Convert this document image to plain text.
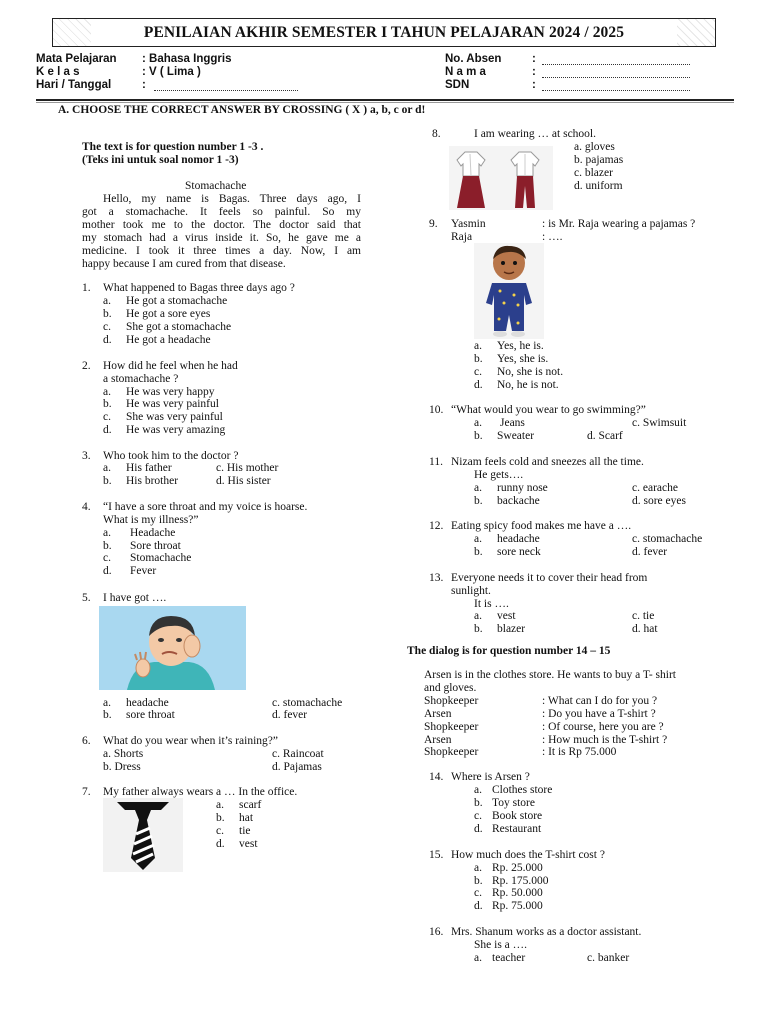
PENILAIAN AKHIR SEMESTER I TAHUN PELAJARAN 2024 / 2025
Mata Pelajaran : Bahasa Inggris
K e l a s	: V ( Lima )
Hari / Tanggal	:
No. Absen	:
N a m a	:
SDN	:
A. CHOOSE THE CORRECT ANSWER BY CROSSING ( X ) a, b, c or d!
The text is for question number 1 -3 .
(Teks ini untuk soal nomor 1 -3)
Stomachache
Hello, my name is Bagas. Three days ago, I
got a stomachache. It feels so painful. So my
mother took me to the doctor. The doctor said that
my stomach had a virus inside it. So, he gave me a
medicine. I took it three times a day. Now, I am
happy because I am cured from that disease.
1. What happened to Bagas three days ago ?
a. He got a stomachache
b. He got a sore eyes
c. She got a stomachache
d. He got a headache
2. How did he feel when he had
a stomachache ?
a. He was very happy
b. He was very painful
c. She was very painful
d. He was very amazing
3. Who took him to the doctor ?
a. His father	c. His mother
b. His brother	d. His sister
4. “I have a sore throat and my voice is hoarse.
What is my illness?”
a. Headache
b. Sore throat
c. Stomachache
d. Fever
5. I have got ….
a. headache	c. stomachache
b. sore throat	d. fever
6. What do you wear when it’s raining?”
a. Shorts	c. Raincoat
b. Dress	d. Pajamas
7. My father always wears a … In the office.
a. scarf
b. hat
c. tie
d. vest
8.	I am wearing … at school.
a. gloves
b. pajamas
c. blazer
d. uniform
9. Yasmin	: is Mr. Raja wearing a pajamas ?
Raja	: ….
a. Yes, he is.
b. Yes, she is.
c. No, she is not.
d. No, he is not.
10. “What would you wear to go swimming?”
a. Jeans	c. Swimsuit
b. Sweater	d. Scarf
11. Nizam feels cold and sneezes all the time.
He gets….
a. runny nose	c. earache
b. backache	d. sore eyes
12. Eating spicy food makes me have a ….
a. headache	c. stomachache
b. sore neck	d. fever
13. Everyone needs it to cover their head from
sunlight.
It is ….
a. vest	c. tie
b. blazer	d. hat
The dialog is for question number 14 – 15
Arsen is in the clothes store. He wants to buy a T- shirt
and gloves.
Shopkeeper	: What can I do for you ?
Arsen	: Do you have a T-shirt ?
Shopkeeper	: Of course, here you are ?
Arsen	: How much is the T-shirt ?
Shopkeeper	: It is Rp 75.000
14. Where is Arsen ?
a. Clothes store
b. Toy store
c. Book store
d. Restaurant
15. How much does the T-shirt cost ?
a. Rp. 25.000
b. Rp. 175.000
c. Rp. 50.000
d. Rp. 75.000
16. Mrs. Shanum works as a doctor assistant.
She is a ….
a. teacher	c. banker
